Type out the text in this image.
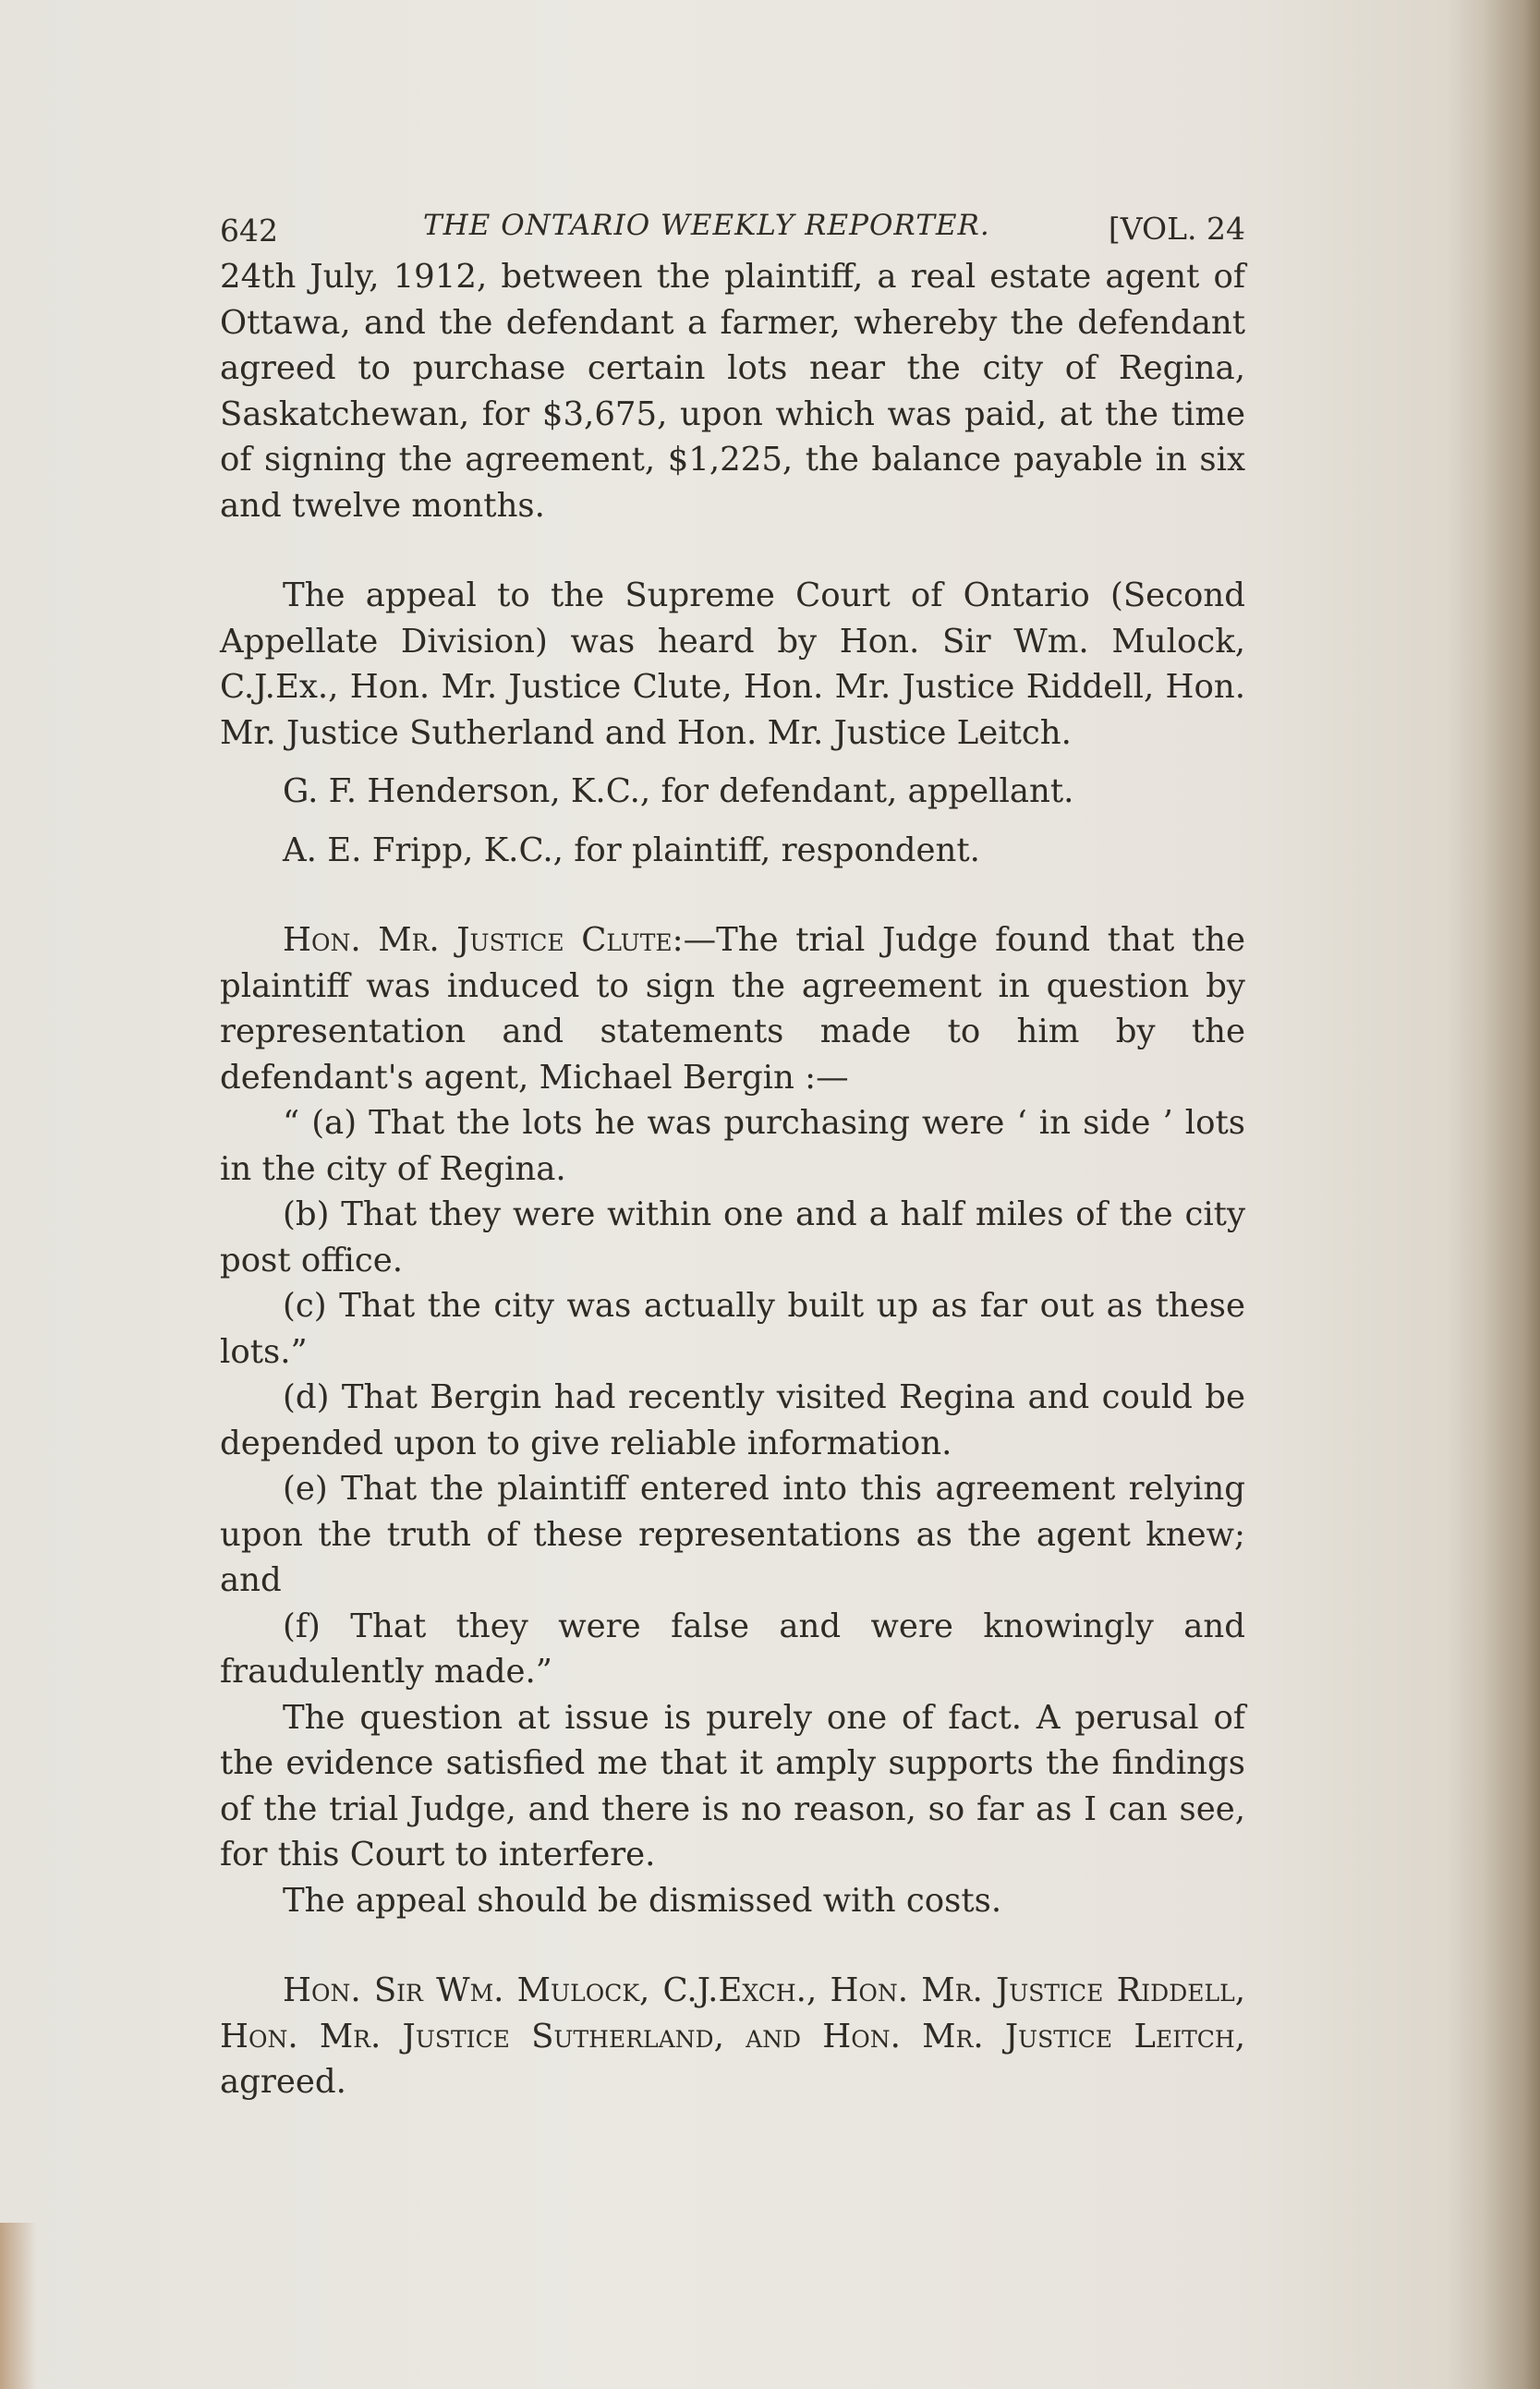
642	THE ONTARIO WEEKLY REPORTER.	[VOL. 24

24th July, 1912, between the plaintiff, a real estate agent of Ottawa, and the defendant a farmer, whereby the defendant agreed to purchase certain lots near the city of Regina, Saskatchewan, for $3,675, upon which was paid, at the time of signing the agreement, $1,225, the balance payable in six and twelve months.

The appeal to the Supreme Court of Ontario (Second Appellate Division) was heard by Hon. Sir Wm. Mulock, C.J.Ex., Hon. Mr. Justice Clute, Hon. Mr. Justice Riddell, Hon. Mr. Justice Sutherland and Hon. Mr. Justice Leitch.

G. F. Henderson, K.C., for defendant, appellant.

A. E. Fripp, K.C., for plaintiff, respondent.

Hon. Mr. Justice Clute:—The trial Judge found that the plaintiff was induced to sign the agreement in question by representation and statements made to him by the defendant's agent, Michael Bergin :—

“ (a) That the lots he was purchasing were ‘ in side ’ lots in the city of Regina.

(b) That they were within one and a half miles of the city post office.

(c) That the city was actually built up as far out as these lots.”

(d) That Bergin had recently visited Regina and could be depended upon to give reliable information.

(e) That the plaintiff entered into this agreement relying upon the truth of these representations as the agent knew; and

(f) That they were false and were knowingly and fraudulently made.”

The question at issue is purely one of fact. A perusal of the evidence satisfied me that it amply supports the findings of the trial Judge, and there is no reason, so far as I can see, for this Court to interfere.

The appeal should be dismissed with costs.

Hon. Sir Wm. Mulock, C.J.Exch., Hon. Mr. Justice Riddell, Hon. Mr. Justice Sutherland, and Hon. Mr. Justice Leitch, agreed.
